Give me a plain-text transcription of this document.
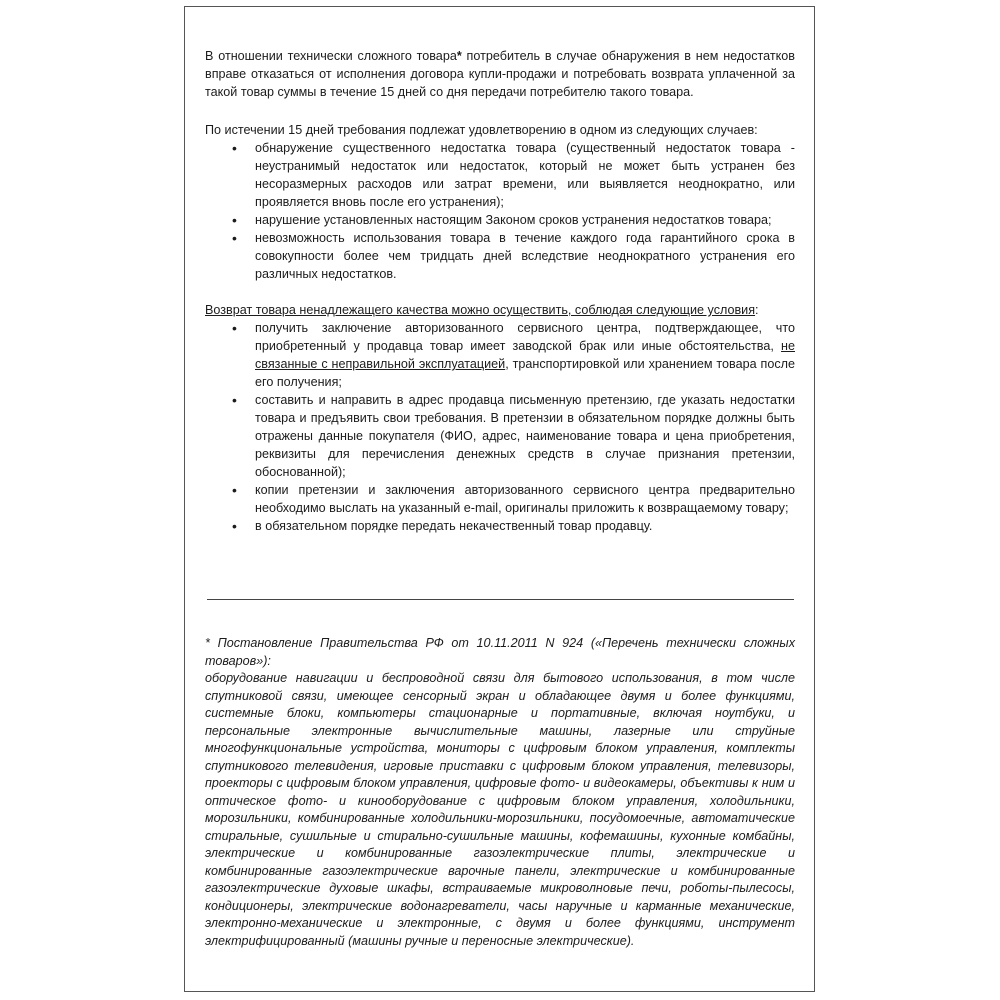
В отношении технически сложного товара* потребитель в случае обнаружения в нем недостатков вправе отказаться от исполнения договора купли-продажи и потребовать возврата уплаченной за такой товар суммы в течение 15 дней со дня передачи потребителю такого товара.

По истечении 15 дней требования подлежат удовлетворению в одном из следующих случаев:

• обнаружение существенного недостатка товара (существенный недостаток товара - неустранимый недостаток или недостаток, который не может быть устранен без несоразмерных расходов или затрат времени, или выявляется неоднократно, или проявляется вновь после его устранения);
• нарушение установленных настоящим Законом сроков устранения недостатков товара;
• невозможность использования товара в течение каждого года гарантийного срока в совокупности более чем тридцать дней вследствие неоднократного устранения его различных недостатков.

Возврат товара ненадлежащего качества можно осуществить, соблюдая следующие условия:

• получить заключение авторизованного сервисного центра, подтверждающее, что приобретенный у продавца товар имеет заводской брак или иные обстоятельства, не связанные с неправильной эксплуатацией, транспортировкой или хранением товара после его получения;
• составить и направить в адрес продавца письменную претензию, где указать недостатки товара и предъявить свои требования. В претензии в обязательном порядке должны быть отражены данные покупателя (ФИО, адрес, наименование товара и цена приобретения, реквизиты для перечисления денежных средств в случае признания претензии, обоснованной);
• копии претензии и заключения авторизованного сервисного центра предварительно необходимо выслать на указанный e-mail, оригиналы приложить к возвращаемому товару;
• в обязательном порядке передать некачественный товар продавцу.
* Постановление Правительства РФ от 10.11.2011 N 924 («Перечень технически сложных товаров»):
оборудование навигации и беспроводной связи для бытового использования, в том числе спутниковой связи, имеющее сенсорный экран и обладающее двумя и более функциями, системные блоки, компьютеры стационарные и портативные, включая ноутбуки, и персональные электронные вычислительные машины, лазерные или струйные многофункциональные устройства, мониторы с цифровым блоком управления, комплекты спутникового телевидения, игровые приставки с цифровым блоком управления, телевизоры, проекторы с цифровым блоком управления, цифровые фото- и видеокамеры, объективы к ним и оптическое фото- и кинооборудование с цифровым блоком управления, холодильники, морозильники, комбинированные холодильники-морозильники, посудомоечные, автоматические стиральные, сушильные и стирально-сушильные машины, кофемашины, кухонные комбайны, электрические и комбинированные газоэлектрические плиты, электрические и комбинированные газоэлектрические варочные панели, электрические и комбинированные газоэлектрические духовые шкафы, встраиваемые микроволновые печи, роботы-пылесосы, кондиционеры, электрические водонагреватели, часы наручные и карманные механические, электронно-механические и электронные, с двумя и более функциями, инструмент электрифицированный (машины ручные и переносные электрические).
